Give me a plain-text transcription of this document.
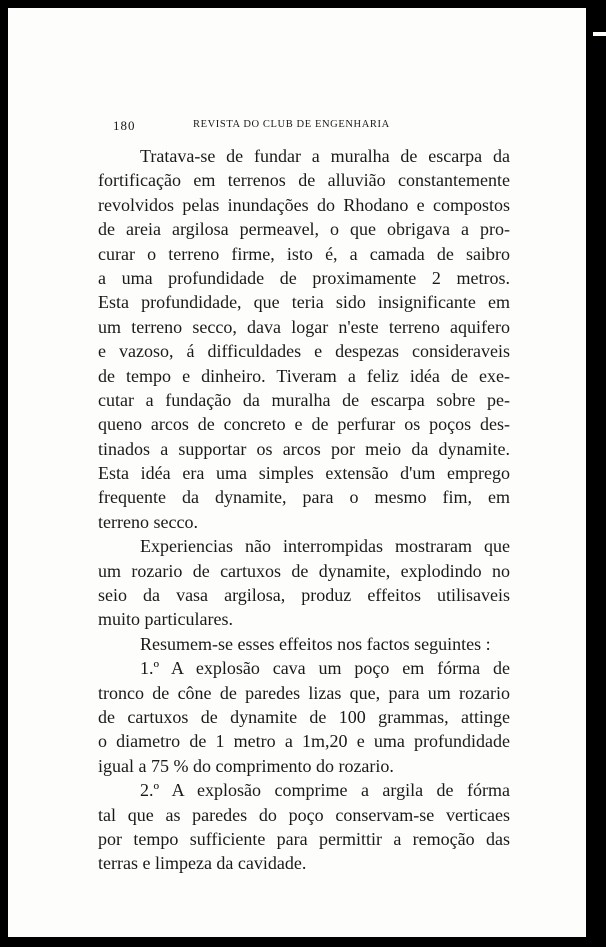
180	REVISTA DO CLUB DE ENGENHARIA
Tratava-se de fundar a muralha de escarpa da
fortificação em terrenos de alluvião constantemente
revolvidos pelas inundações do Rhodano e compostos
de areia argilosa permeavel, o que obrigava a pro-
curar o terreno firme, isto é, a camada de saibro
a uma profundidade de proximamente 2 metros.
Esta profundidade, que teria sido insignificante em
um terreno secco, dava logar n'este terreno aquifero
e vazoso, á difficuldades e despezas consideraveis
de tempo e dinheiro. Tiveram a feliz idéa de exe-
cutar a fundação da muralha de escarpa sobre pe-
queno arcos de concreto e de perfurar os poços des-
tinados a supportar os arcos por meio da dynamite.
Esta idéa era uma simples extensão d'um emprego
frequente da dynamite, para o mesmo fim, em
terreno secco.
Experiencias não interrompidas mostraram que
um rozario de cartuxos de dynamite, explodindo no
seio da vasa argilosa, produz effeitos utilisaveis
muito particulares.
Resumem-se esses effeitos nos factos seguintes :
1.º A explosão cava um poço em fórma de
tronco de cône de paredes lizas que, para um rozario
de cartuxos de dynamite de 100 grammas, attinge
o diametro de 1 metro a 1m,20 e uma profundidade
igual a 75 % do comprimento do rozario.
2.º A explosão comprime a argila de fórma
tal que as paredes do poço conservam-se verticaes
por tempo sufficiente para permittir a remoção das
terras e limpeza da cavidade.
